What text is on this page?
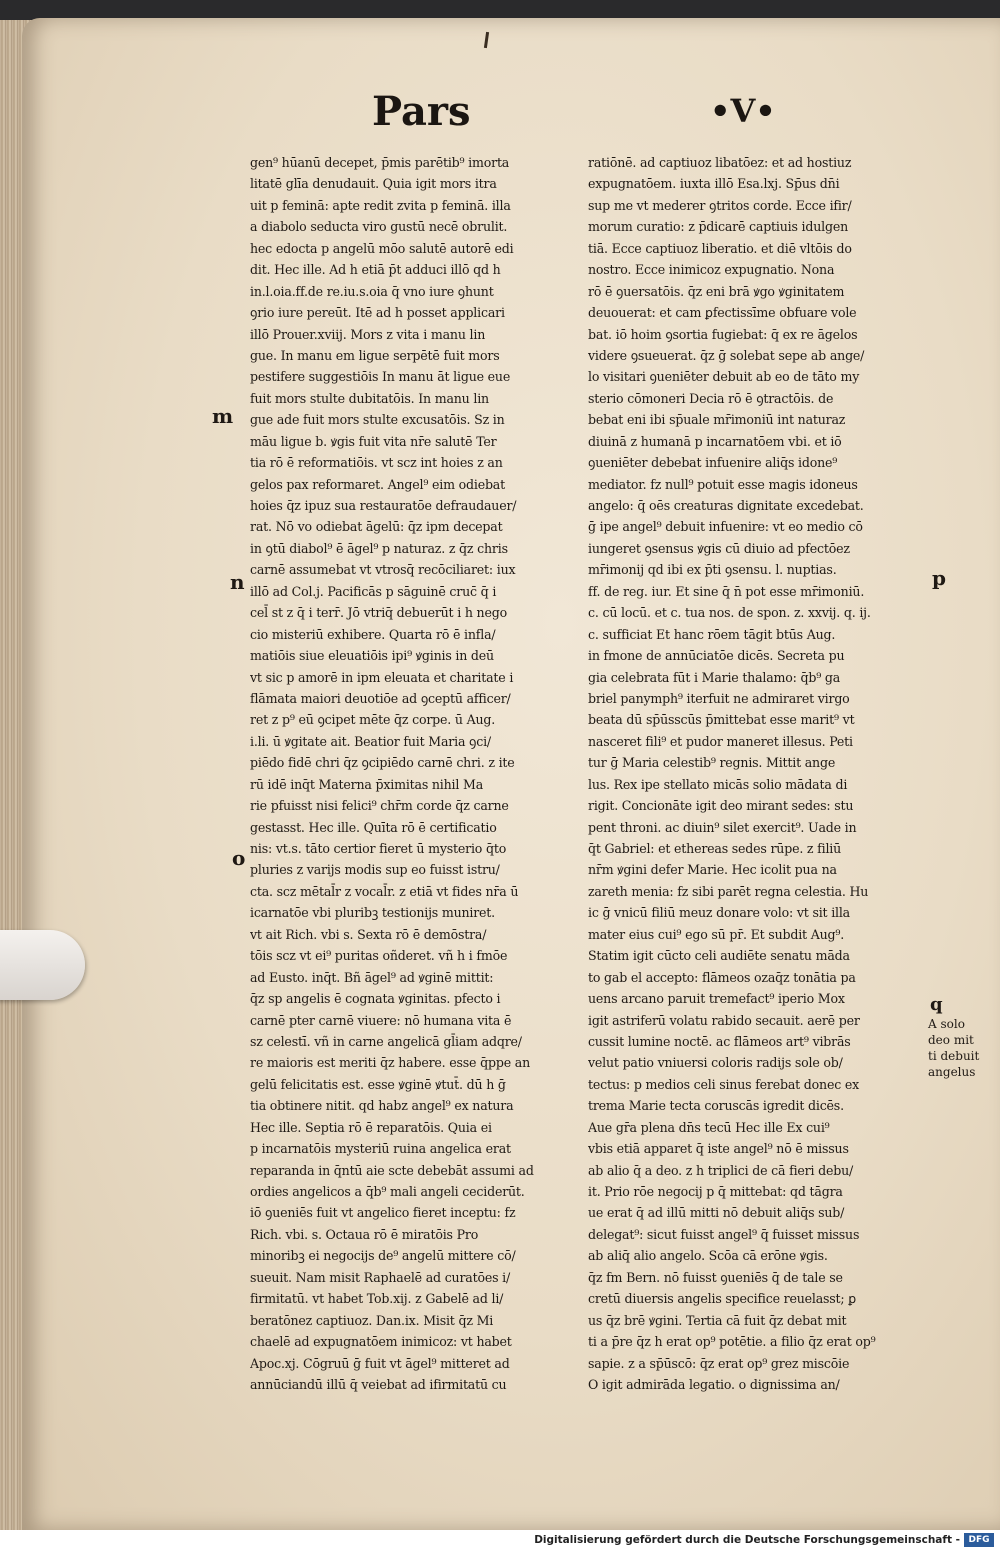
Pars	•V•
gen⁹ hūanū decepet, p̄mis parētib⁹ imorta
litatē glīa denudauit. Quia igit mors itra
uit p feminā: apte redit zvita p feminā. illa
a diabolo seducta viro gustū necē obrulit.
hec edocta p angelū mōo salutē autorē edi
dit. Hec ille. Ad h etiā p̄t adduci illō qd h
in.l.oia.ff.de re.iu.s.oia q̄ vno iure ꝯhunt
ꝯrio iure pereūt. Itē ad h posset applicari
illō Prouer.xviij. Mors z vita i manu lin
gue. In manu em ligue serpētē fuit mors
pestifere suggestiōis In manu āt ligue eue
fuit mors stulte dubitatōis. In manu lin
gue ade fuit mors stulte excusatōis. Sz in
māu ligue b. ꝟgis fuit vita nr̄e salutē Ter
tia rō ē reformatiōis. vt scz int hoies z an
gelos pax reformaret. Angel⁹ eim odiebat
hoies q̄z ipuz sua restauratōe defraudauer/
rat. Nō vo odiebat āgelū: q̄z ipm decepat
in ꝯtū diabol⁹ ē āgel⁹ p naturaz. z q̄z chris
carnē assumebat vt vtrosq̄ recōciliaret: iux
illō ad Col.j. Pacificās p sāguinē cruc̄ q̄ i
cel̄ st z q̄ i terr̄. Jō vtriq̄ debuerūt i h nego
cio misteriū exhibere. Quarta rō ē infla/
matiōis siue eleuatiōis ipi⁹ ꝟginis in deū
vt sic p amorē in ipm eleuata et charitate i
flāmata maiori deuotiōe ad ꝯceptū afficer/
ret z p⁹ eū ꝯcipet mēte q̄z corpe. ū Aug.
i.li. ū ꝟgitate ait. Beatior fuit Maria ꝯci/
piēdo fidē chri q̄z ꝯcipiēdo carnē chri. z ite
rū idē inq̄t Materna p̄ximitas nihil Ma
rie pfuisst nisi felici⁹ chr̄m corde q̄z carne
gestasst. Hec ille. Quīta rō ē certificatio
nis: vt.s. tāto certior fieret ū mysterio q̄to
pluries z varijs modis sup eo fuisst istru/
cta. scz mētal̄r z vocal̄r. z etiā vt fides nr̄a ū
icarnatōe vbi pluribꝫ testionijs muniret.
vt ait Rich. vbi s. Sexta rō ē demōstra/
tōis scz vt ei⁹ puritas oñderet. vñ h i fmōe
ad Eusto. inq̄t. Bñ āgel⁹ ad ꝟginē mittit:
q̄z sp angelis ē cognata ꝟginitas. pfecto i
carnē pter carnē viuere: nō humana vita ē
sz celestī. vñ in carne angelicā gl̄iam adqre/
re maioris est meriti q̄z habere. esse q̄ppe an
gelū felicitatis est. esse ꝟginē ꝟtut̄. dū h ḡ
tia obtinere nitit. qd habz angel⁹ ex natura
Hec ille. Septia rō ē reparatōis. Quia ei
p incarnatōis mysteriū ruina angelica erat
reparanda in q̄ntū aie scte debebāt assumi ad
ordies angelicos a q̄b⁹ mali angeli ceciderūt.
iō ꝯueniēs fuit vt angelico fieret inceptu: fz
Rich. vbi. s. Octaua rō ē miratōis Pro
minoribꝫ ei negocijs de⁹ angelū mittere cō/
sueuit. Nam misit Raphaelē ad curatōes i/
firmitatū. vt habet Tob.xij. z Gabelē ad li/
beratōnez captiuoz. Dan.ix. Misit q̄z Mi
chaelē ad expugnatōem inimicoz: vt habet
Apoc.xj. Cōgruū ḡ fuit vt āgel⁹ mitteret ad
annūciandū illū q̄ veiebat ad ifirmitatū cu
ratiōnē. ad captiuoz libatōez: et ad hostiuz
expugnatōem. iuxta illō Esa.lxj. Sp̄us dn̄i
sup me vt mederer ꝯtritos corde. Ecce ifir/
morum curatio: z p̄dicarē captiuis idulgen
tiā. Ecce captiuoz liberatio. et diē vltōis do
nostro. Ecce inimicoz expugnatio. Nona
rō ē ꝯuersatōis. q̄z eni brā ꝟgo ꝟginitatem
deuouerat: et cam ꝑfectissīme obfuare vole
bat. iō hoim ꝯsortia fugiebat: q̄ ex re āgelos
videre ꝯsueuerat. q̄z ḡ solebat sepe ab ange/
lo visitari ꝯueniēter debuit ab eo de tāto my
sterio cōmoneri Decia rō ē ꝯtractōis. de
bebat eni ibi sp̄uale mr̄imoniū int naturaz
diuinā z humanā p incarnatōem vbi. et iō
ꝯueniēter debebat infuenire aliq̄s idone⁹
mediator. fz null⁹ potuit esse magis idoneus
angelo: q̄ oēs creaturas dignitate excedebat.
ḡ ipe angel⁹ debuit infuenire: vt eo medio cō
iungeret ꝯsensus ꝟgis cū diuio ad pfectōez
mr̄imonij qd ibi ex p̄ti ꝯsensu. l. nuptias.
ff. de reg. iur. Et sine q̄ n̄ pot esse mr̄imoniū.
c. cū locū. et c. tua nos. de spon. z. xxvij. q. ij.
c. sufficiat Et hanc rōem tāgit btūs Aug.
in fmone de annūciatōe dicēs. Secreta pu
gia celebrata fūt i Marie thalamo: q̄b⁹ ga
briel panymph⁹ iterfuit ne admiraret virgo
beata dū sp̄ūsscūs p̄mittebat esse marit⁹ vt
nasceret fili⁹ et pudor maneret illesus. Peti
tur ḡ Maria celestib⁹ regnis. Mittit ange
lus. Rex ipe stellato micās solio mādata di
rigit. Concionāte igit deo mirant sedes: stu
pent throni. ac diuin⁹ silet exercit⁹. Uade in
q̄t Gabriel: et ethereas sedes rūpe. z filiū
nr̄m ꝟgini defer Marie. Hec icolit pua na
zareth menia: fz sibi parēt regna celestia. Hu
ic ḡ vnicū filiū meuz donare volo: vt sit illa
mater eius cui⁹ ego sū pr̄. Et subdit Aug⁹.
Statim igit cūcto celi audiēte senatu māda
to gab el accepto: flāmeos ozaq̄z tonātia pa
uens arcano paruit tremefact⁹ iperio Mox
igit astriferū volatu rabido secauit. aerē per
cussit lumine noctē. ac flāmeos art⁹ vibrās
velut patio vniuersi coloris radijs sole ob/
tectus: p medios celi sinus ferebat donec ex
trema Marie tecta coruscās igredit dicēs.
Aue gr̄a plena dn̄s tecū Hec ille Ex cui⁹
vbis etiā apparet q̄ iste angel⁹ nō ē missus
ab alio q̄ a deo. z h triplici de cā fieri debu/
it. Prio rōe negocij p q̄ mittebat: qd tāgra
ue erat q̄ ad illū mitti nō debuit aliq̄s sub/
delegat⁹: sicut fuisst angel⁹ q̄ fuisset missus
ab aliq̄ alio angelo. Scōa cā erōne ꝟgis.
q̄z fm Bern. nō fuisst ꝯueniēs q̄ de tale se
cretū diuersis angelis specifice reuelasst; ꝑ
us q̄z brē ꝟgini. Tertia cā fuit q̄z debat mit
ti a p̄re q̄z h erat op⁹ potētie. a filio q̄z erat op⁹
sapie. z a sp̄ūscō: q̄z erat op⁹ grez miscōie
O igit admirāda legatio. o dignissima an/
m
n
o
p
q
A solo
deo mit
ti debuit
angelus
Digitalisierung gefördert durch die Deutsche Forschungsgemeinschaft - DFG
